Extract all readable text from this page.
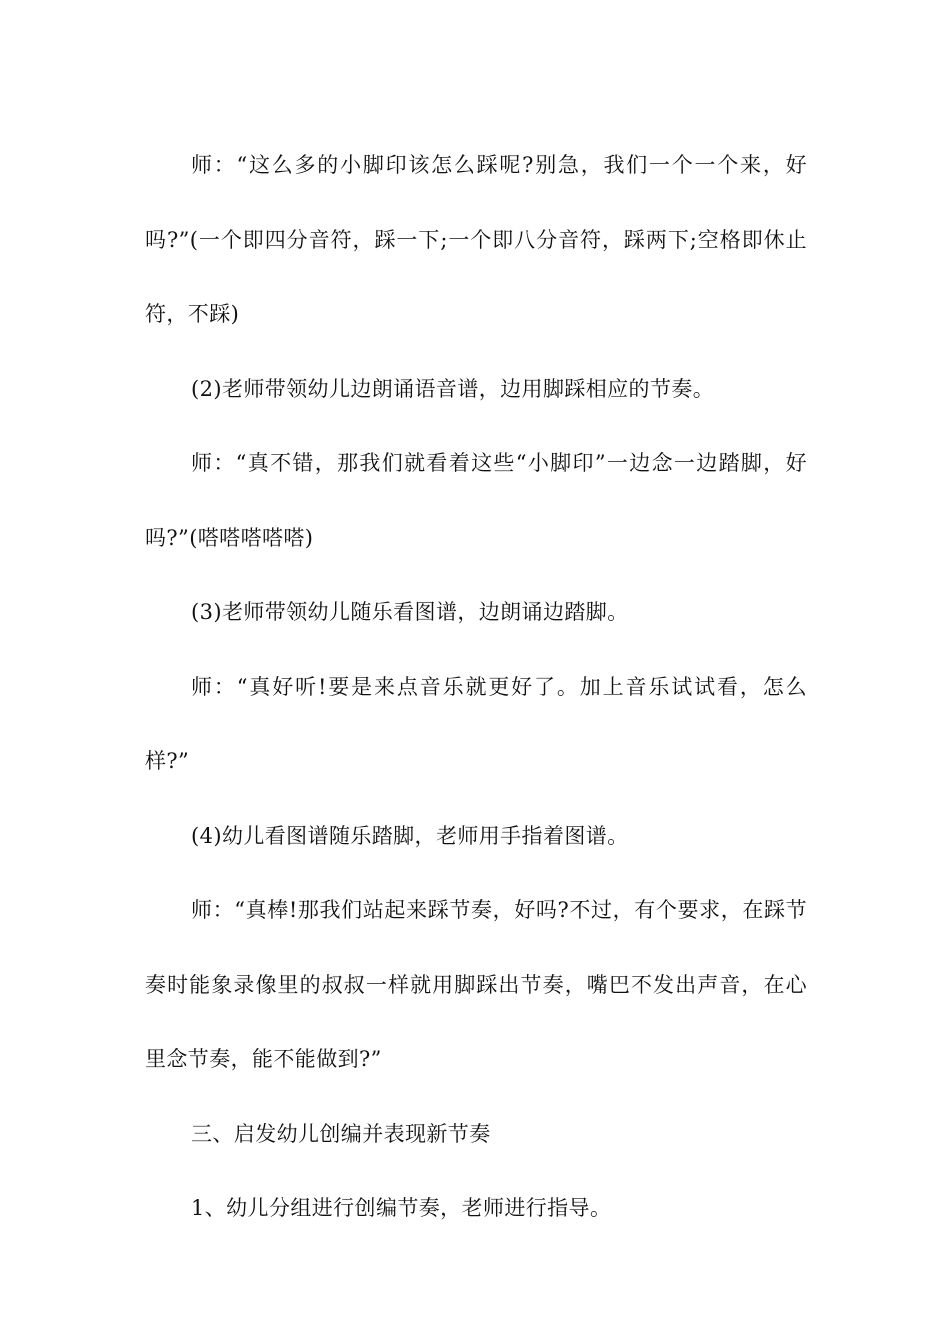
师：“这么多的小脚印该怎么踩呢?别急，我们一个一个来，好吗?”(一个即四分音符，踩一下;一个即八分音符，踩两下;空格即休止符，不踩)

(2)老师带领幼儿边朗诵语音谱，边用脚踩相应的节奏。

师：“真不错，那我们就看着这些“小脚印”一边念一边踏脚，好吗?”(嗒嗒嗒嗒嗒)

(3)老师带领幼儿随乐看图谱，边朗诵边踏脚。

师：“真好听!要是来点音乐就更好了。加上音乐试试看，怎么样?”

(4)幼儿看图谱随乐踏脚，老师用手指着图谱。

师：“真棒!那我们站起来踩节奏，好吗?不过，有个要求，在踩节奏时能象录像里的叔叔一样就用脚踩出节奏，嘴巴不发出声音，在心里念节奏，能不能做到?”

三、启发幼儿创编并表现新节奏

1、幼儿分组进行创编节奏，老师进行指导。
